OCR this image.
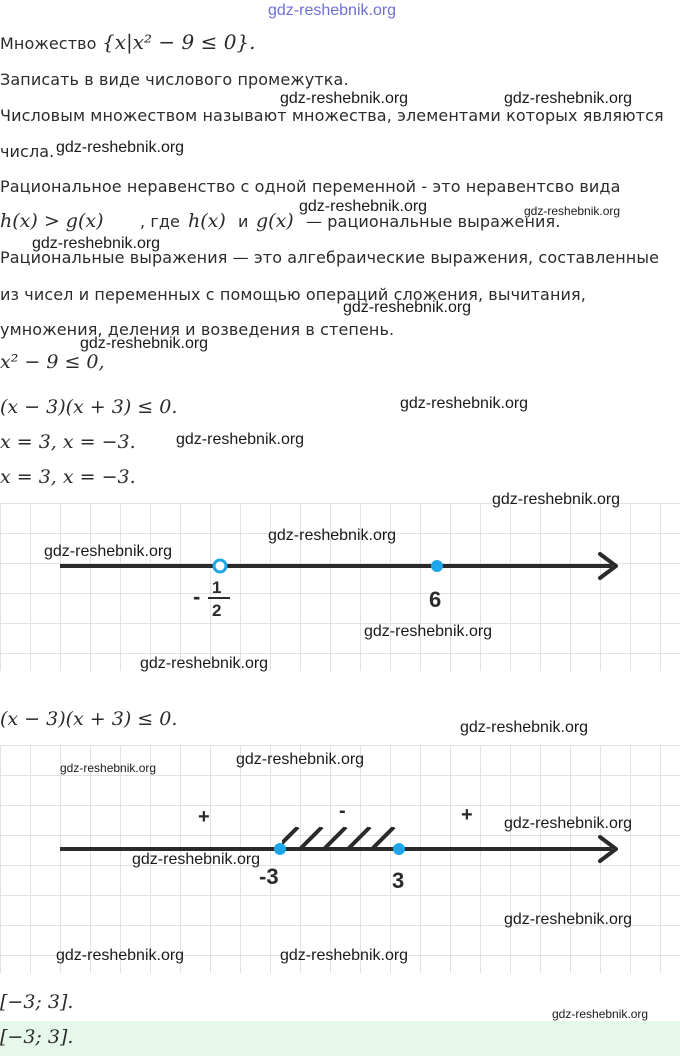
gdz-reshebnik.org
Множество {x|x² − 9 ≤ 0}.
Записать в виде числового промежутка.
Числовым множеством называют множества, элементами которых являются
числа.
Рациональное неравенство с одной переменной - это неравентсво вида
h(x) > g(x) , где h(x) и g(x) — рациональные выражения.
Рациональные выражения — это алгебраические выражения, составленные
из чисел и переменных с помощью операций сложения, вычитания,
умножения, деления и возведения в степень.
x² − 9 ≤ 0,
(x − 3)(x + 3) ≤ 0.
x = 3, x = −3.
x = 3, x = −3.
- 1
2	6
(x − 3)(x + 3) ≤ 0.
+	-	+
-3	3
[−3; 3].
[−3; 3].
gdz-reshebnik.org	gdz-reshebnik.org
gdz-reshebnik.org
gdz-reshebnik.org	gdz-reshebnik.org
gdz-reshebnik.org
gdz-reshebnik.org
gdz-reshebnik.org
gdz-reshebnik.org
gdz-reshebnik.org
gdz-reshebnik.org
gdz-reshebnik.org
gdz-reshebnik.org
gdz-reshebnik.org
gdz-reshebnik.org
gdz-reshebnik.org
gdz-reshebnik.org
gdz-reshebnik.org
gdz-reshebnik.org
gdz-reshebnik.org
gdz-reshebnik.org
gdz-reshebnik.org	gdz-reshebnik.org
gdz-reshebnik.org
